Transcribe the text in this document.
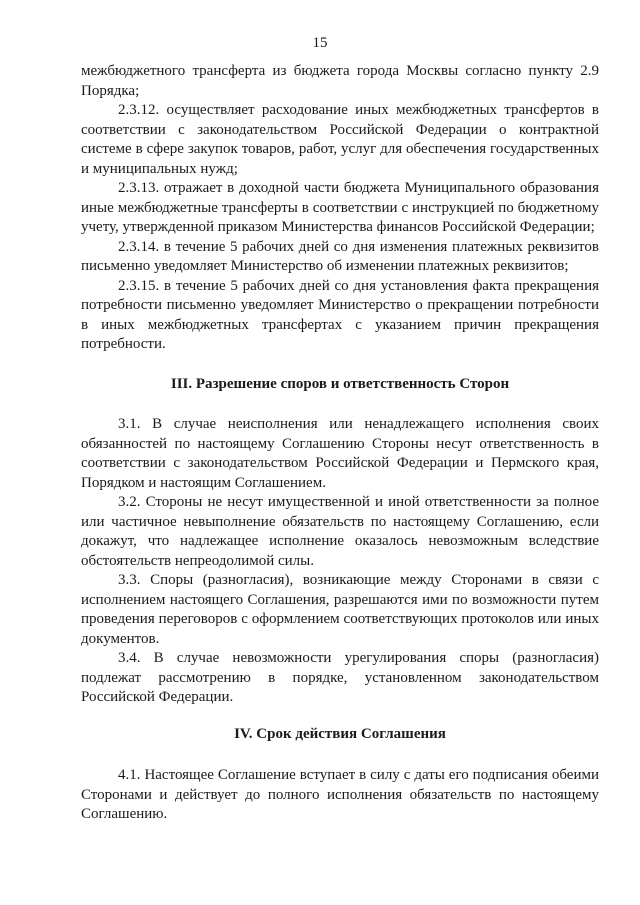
15

межбюджетного трансферта из бюджета города Москвы согласно пункту 2.9 Порядка;

2.3.12. осуществляет расходование иных межбюджетных трансфертов в соответствии с законодательством Российской Федерации о контрактной системе в сфере закупок товаров, работ, услуг для обеспечения государственных и муниципальных нужд;

2.3.13. отражает в доходной части бюджета Муниципального образования иные межбюджетные трансферты в соответствии с инструкцией по бюджетному учету, утвержденной приказом Министерства финансов Российской Федерации;

2.3.14. в течение 5 рабочих дней со дня изменения платежных реквизитов письменно уведомляет Министерство об изменении платежных реквизитов;

2.3.15. в течение 5 рабочих дней со дня установления факта прекращения потребности письменно уведомляет Министерство о прекращении потребности в иных межбюджетных трансфертах с указанием причин прекращения потребности.

III. Разрешение споров и ответственность Сторон

3.1. В случае неисполнения или ненадлежащего исполнения своих обязанностей по настоящему Соглашению Стороны несут ответственность в соответствии с законодательством Российской Федерации и Пермского края, Порядком и настоящим Соглашением.

3.2. Стороны не несут имущественной и иной ответственности за полное или частичное невыполнение обязательств по настоящему Соглашению, если докажут, что надлежащее исполнение оказалось невозможным вследствие обстоятельств непреодолимой силы.

3.3. Споры (разногласия), возникающие между Сторонами в связи с исполнением настоящего Соглашения, разрешаются ими по возможности путем проведения переговоров с оформлением соответствующих протоколов или иных документов.

3.4. В случае невозможности урегулирования споры (разногласия) подлежат рассмотрению в порядке, установленном законодательством Российской Федерации.

IV. Срок действия Соглашения

4.1. Настоящее Соглашение вступает в силу с даты его подписания обеими Сторонами и действует до полного исполнения обязательств по настоящему Соглашению.
